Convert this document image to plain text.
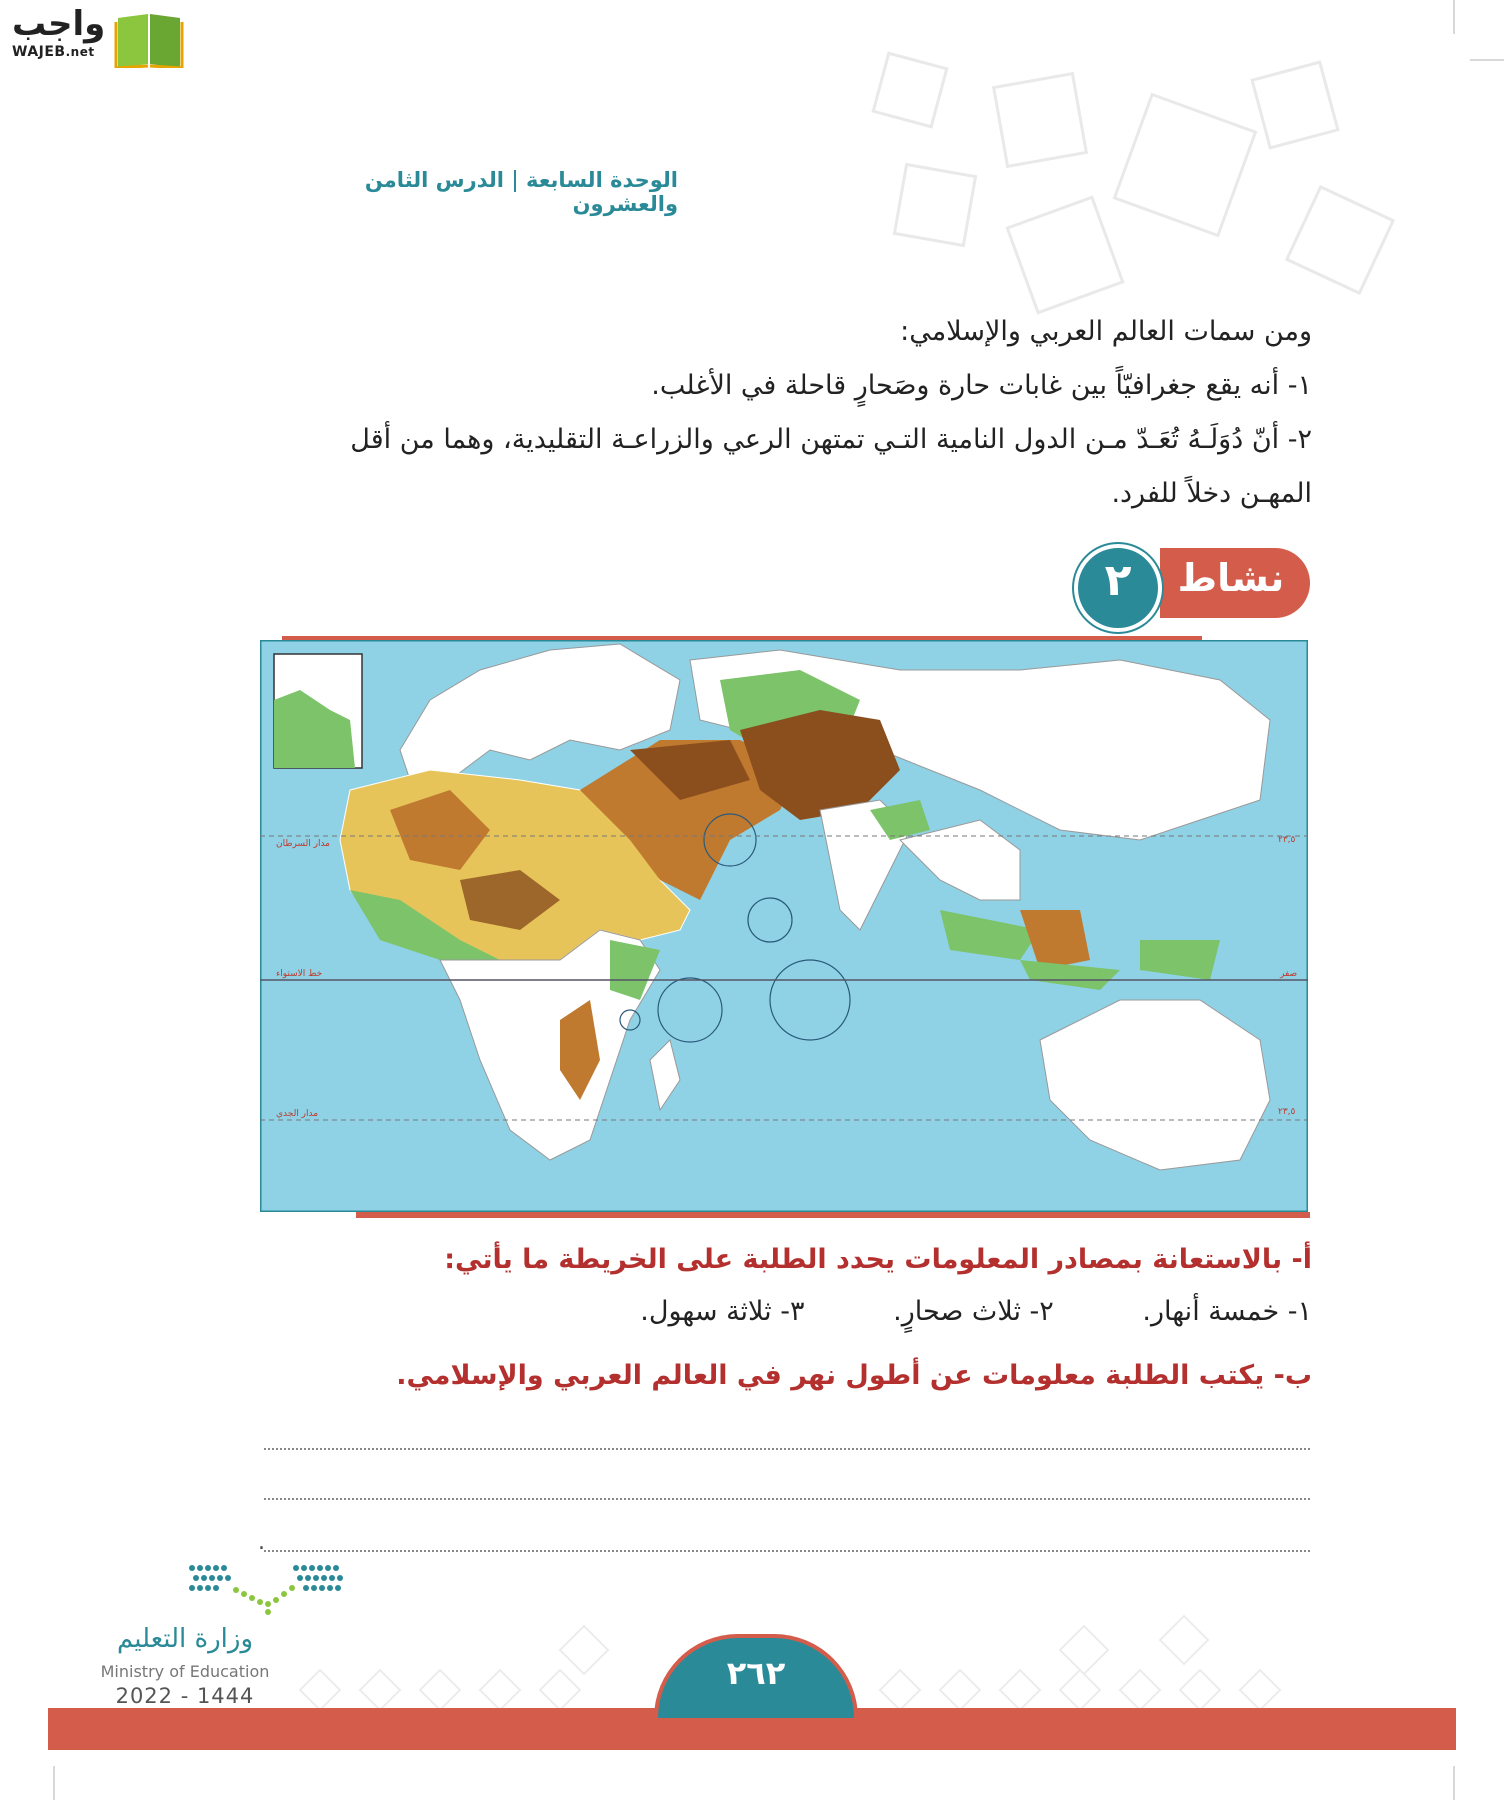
واجب
WAJEB.net
الوحدة السابعةالدرس الثامن والعشرون
ومن سمات العالم العربي والإسلامي:
١- أنه يقع جغرافيّاً بين غابات حارة وصَحارٍ قاحلة في الأغلب.
٢- أنّ دُوَلَـهُ تُعَـدّ مـن الدول النامية التـي تمتهن الرعي والزراعـة التقليدية، وهما من أقل
المهـن دخلاً للفرد.
نشاط
٢
مدار السرطان
خط الاستواء
مدار الجدي
٢٣,٥
صفر
٢٣,٥
أ- بالاستعانة بمصادر المعلومات يحدد الطلبة على الخريطة ما يأتي:
١- خمسة أنهار. ٢- ثلاث صحارٍ. ٣- ثلاثة سهول.
ب- يكتب الطلبة معلومات عن أطول نهر في العالم العربي والإسلامي.
.
وزارة التعليم
Ministry of Education
2022 - 1444
٢٦٢
